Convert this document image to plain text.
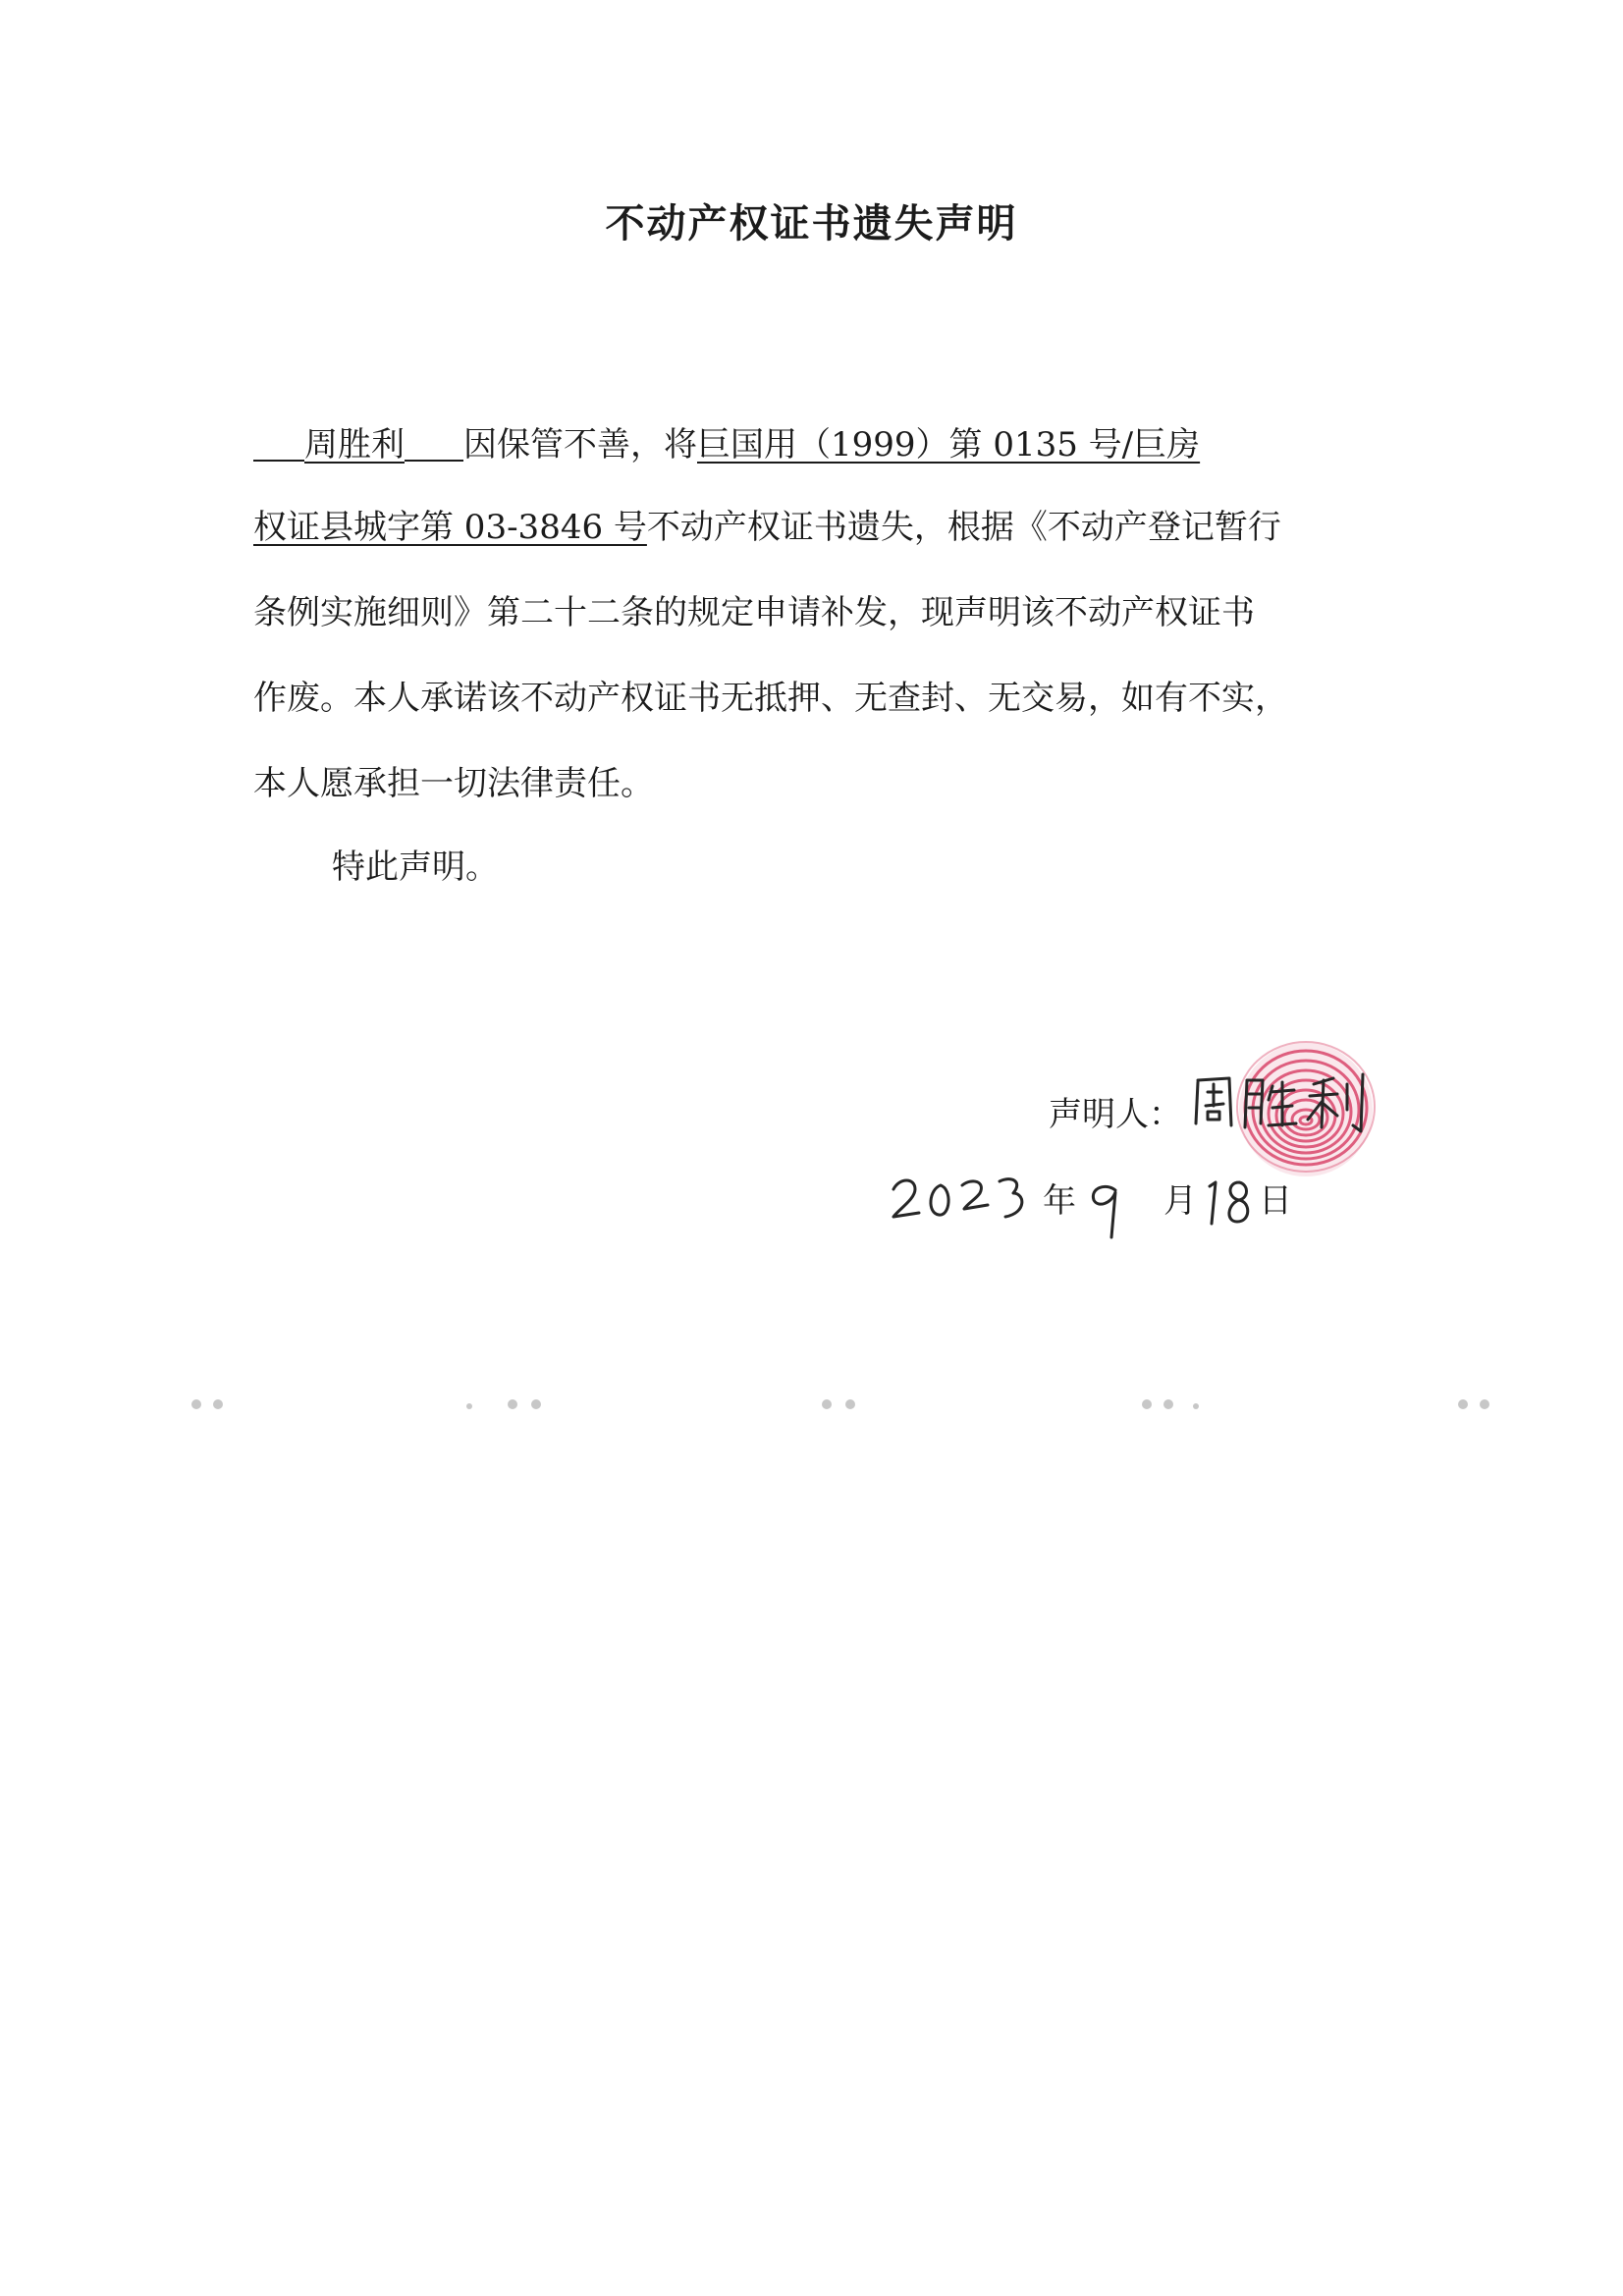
不动产权证书遗失声明
周胜利 因保管不善，将巨国用（1999）第 0135 号/巨房
权证县城字第 03-3846 号不动产权证书遗失，根据《不动产登记暂行
条例实施细则》第二十二条的规定申请补发，现声明该不动产权证书
作废。本人承诺该不动产权证书无抵押、无查封、无交易，如有不实，
本人愿承担一切法律责任。
特此声明。
声明人：
年	月 日
